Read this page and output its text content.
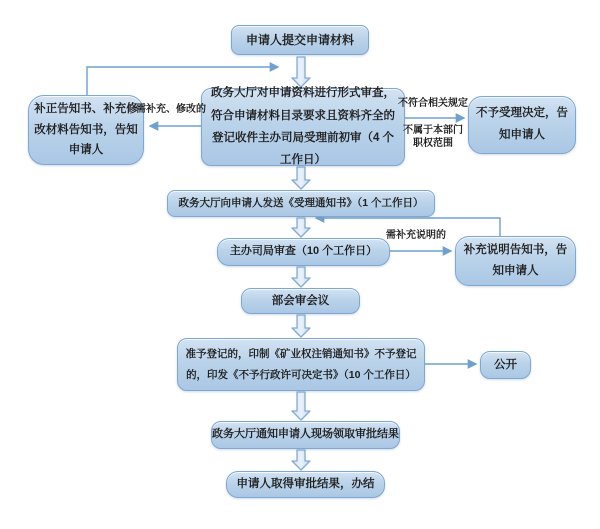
申请人提交申请材料
政务大厅对申请资料进行形式审查，符合申请材料目录要求且资料齐全的登记收件主办司局受理前初审（4 个工作日）
补正告知书、补充修改材料告知书，告知申请人
不予受理决定，告知申请人
政务大厅向申请人发送《受理通知书》（1 个工作日）
主办司局审查（10 个工作日）	补充说明告知书，告知申请人
部会审会议
准予登记的，印制《矿业权注销通知书》不予登记的，印发《不予行政许可决定书》（10 个工作日）
公开
政务大厅通知申请人现场领取审批结果
申请人取得审批结果，办结
需补充、修改的
不符合相关规定
不属于本部门职权范围
需补充说明的
